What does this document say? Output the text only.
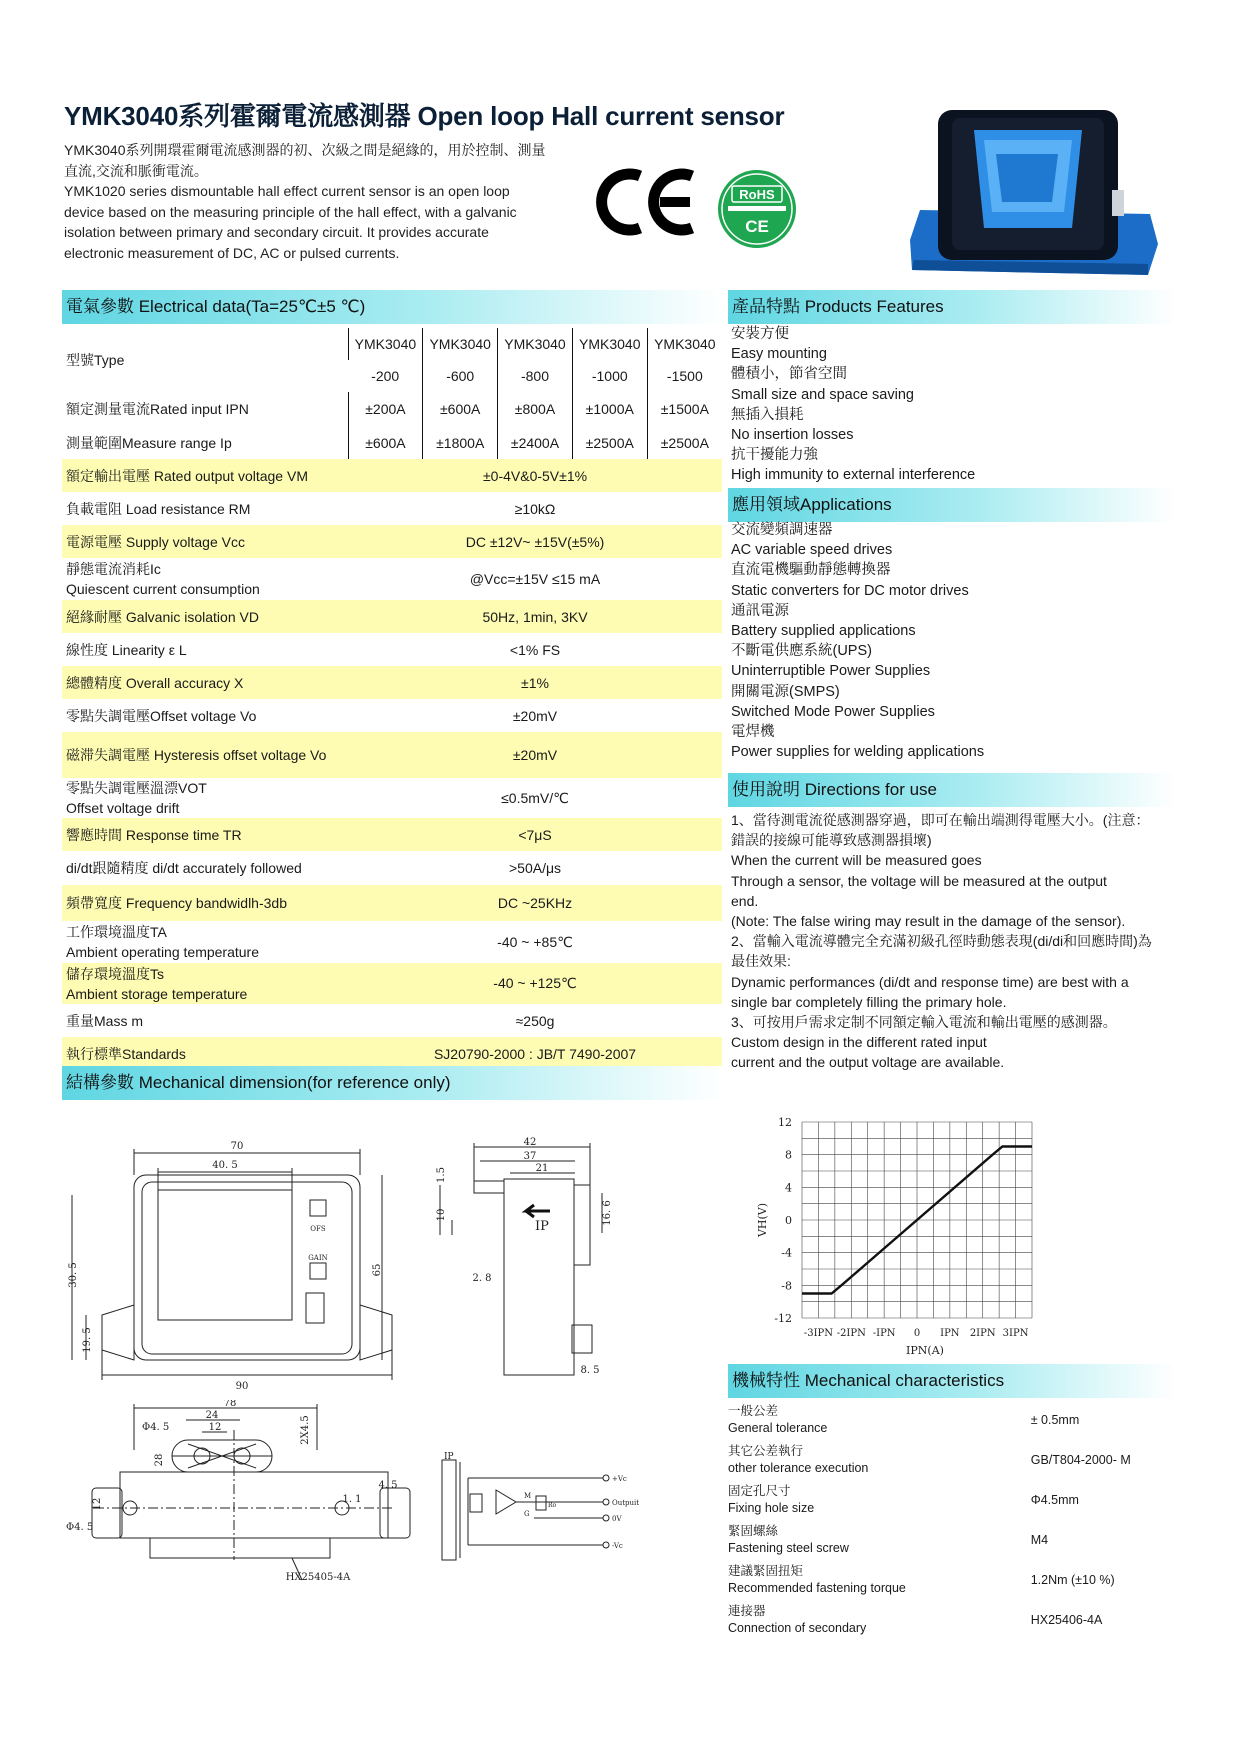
YMK3040系列霍爾電流感測器 Open loop Hall current sensor
YMK3040系列開環霍爾電流感測器的初、次級之間是絕緣的，用於控制、測量
直流,交流和脈衝電流。
YMK1020 series dismountable hall effect current sensor is an open loop
device based on the measuring principle of the hall effect, with a galvanic
isolation between primary and secondary circuit. It provides accurate
electronic measurement of DC, AC or pulsed currents.
RoHS
CE
電氣參數 Electrical data(Ta=25℃±5 ℃)
型號Type	YMK3040	YMK3040	YMK3040	YMK3040	YMK3040
	-200	-600	-800	-1000	-1500
額定測量電流Rated input IPN	±200A	±600A	±800A	±1000A	±1500A
測量範圍Measure range Ip	±600A	±1800A	±2400A	±2500A	±2500A
額定輸出電壓 Rated output voltage VM	±0-4V&0-5V±1%				
負載電阻 Load resistance RM	≥10kΩ				
電源電壓 Supply voltage Vcc	DC ±12V~ ±15V(±5%)				

靜態電流消耗Ic
Quiescent current consumption	@Vcc=±15V ≤15 mA				
絕緣耐壓 Galvanic isolation VD	50Hz, 1min, 3KV				
線性度 Linearity ε L	<1% FS				
總體精度 Overall accuracy X	±1%				
零點失調電壓Offset voltage Vo	±20mV				
磁滞失調電壓 Hysteresis offset voltage Vo	±20mV				

零點失調電壓溫漂VOT
Offset voltage drift	≤0.5mV/℃				
響應時間 Response time TR	<7μS				
di/dt跟隨精度 di/dt accurately followed	>50A/μs				
頻帶寬度 Frequency bandwidlh-3db	DC ~25KHz				

工作環境溫度TA
Ambient operating temperature	-40 ~ +85℃				

儲存環境溫度Ts
Ambient storage temperature	-40 ~ +125℃				
重量Mass m	≈250g				
執行標準Standards	SJ20790-2000 : JB/T 7490-2007				
結構參數 Mechanical dimension(for reference only)
70
40. 5
90
65
30. 5
19. 5
OFS
GAIN
42
37
21
1.5
10	16. 6
2. 8
8. 5
IP
78
24
12
Φ4. 5	2X4.5
Φ4. 5
12
28
1. 1
4. 5
HX25405-4A
IP
+Vc
Outpuit
0V
-Vc
M
G
Ro
產品特點 Products Features
安裝方便
Easy mounting
體積小，節省空間
Small size and space saving
無插入損耗
No insertion losses
抗干擾能力強
High immunity to external interference
應用領域Applications
交流變頻調速器
AC variable speed drives
直流電機驅動靜態轉換器
Static converters for DC motor drives
通訊電源
Battery supplied applications
不斷電供應系統(UPS)
Uninterruptible Power Supplies
開關電源(SMPS)
Switched Mode Power Supplies
電焊機
Power supplies for welding applications
使用說明 Directions for use
1、當待測電流從感測器穿過，即可在輸出端測得電壓大小。(注意：
錯誤的接線可能導致感測器損壞)
When the current will be measured goes
Through a sensor, the voltage will be measured at the output
end.
(Note: The false wiring may result in the damage of the sensor).
2、當輸入電流導體完全充滿初級孔徑時動態表現(di/di和回應時間)為
最佳效果:
Dynamic performances (di/dt and response time) are best with a
single bar completely filling the primary hole.
3、可按用戶需求定制不同額定輸入電流和輸出電壓的感測器。
Custom design in the different rated input
current and the output voltage are available.
12
8
4
0
-4
-8
-12
-3IPN -2IPN -IPN 0 IPN 2IPN 3IPN
IPN(A)
VH(V)
機械特性 Mechanical characteristics
一般公差
General tolerance	± 0.5mm

其它公差執行
other tolerance execution	GB/T804-2000- M

固定孔尺寸
Fixing hole size	Φ4.5mm

緊固螺絲
Fastening steel screw	M4

建議緊固扭矩
Recommended fastening torque	1.2Nm (±10 %)

連接器
Connection of secondary	HX25406-4A
